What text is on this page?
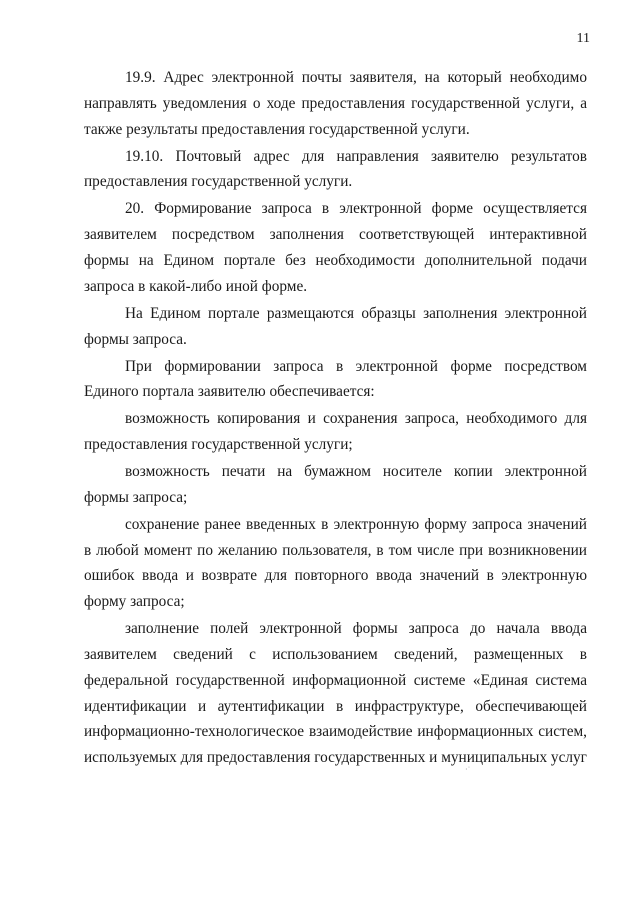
11

19.9. Адрес электронной почты заявителя, на который необходимо направлять уведомления о ходе предоставления государственной услуги, а также результаты предоставления государственной услуги.

19.10. Почтовый адрес для направления заявителю результатов предоставления государственной услуги.

20. Формирование запроса в электронной форме осуществляется заявителем посредством заполнения соответствующей интерактивной формы на Едином портале без необходимости дополнительной подачи запроса в какой-либо иной форме.

На Едином портале размещаются образцы заполнения электронной формы запроса.

При формировании запроса в электронной форме посредством Единого портала заявителю обеспечивается:

возможность копирования и сохранения запроса, необходимого для предоставления государственной услуги;

возможность печати на бумажном носителе копии электронной формы запроса;

сохранение ранее введенных в электронную форму запроса значений в любой момент по желанию пользователя, в том числе при возникновении ошибок ввода и возврате для повторного ввода значений в электронную форму запроса;

заполнение полей электронной формы запроса до начала ввода заявителем сведений с использованием сведений, размещенных в федеральной государственной информационной системе «Единая система идентификации и аутентификации в инфраструктуре, обеспечивающей информационно-технологическое взаимодействие информационных систем, используемых для предоставления государственных и муниципальных услуг

·˙
